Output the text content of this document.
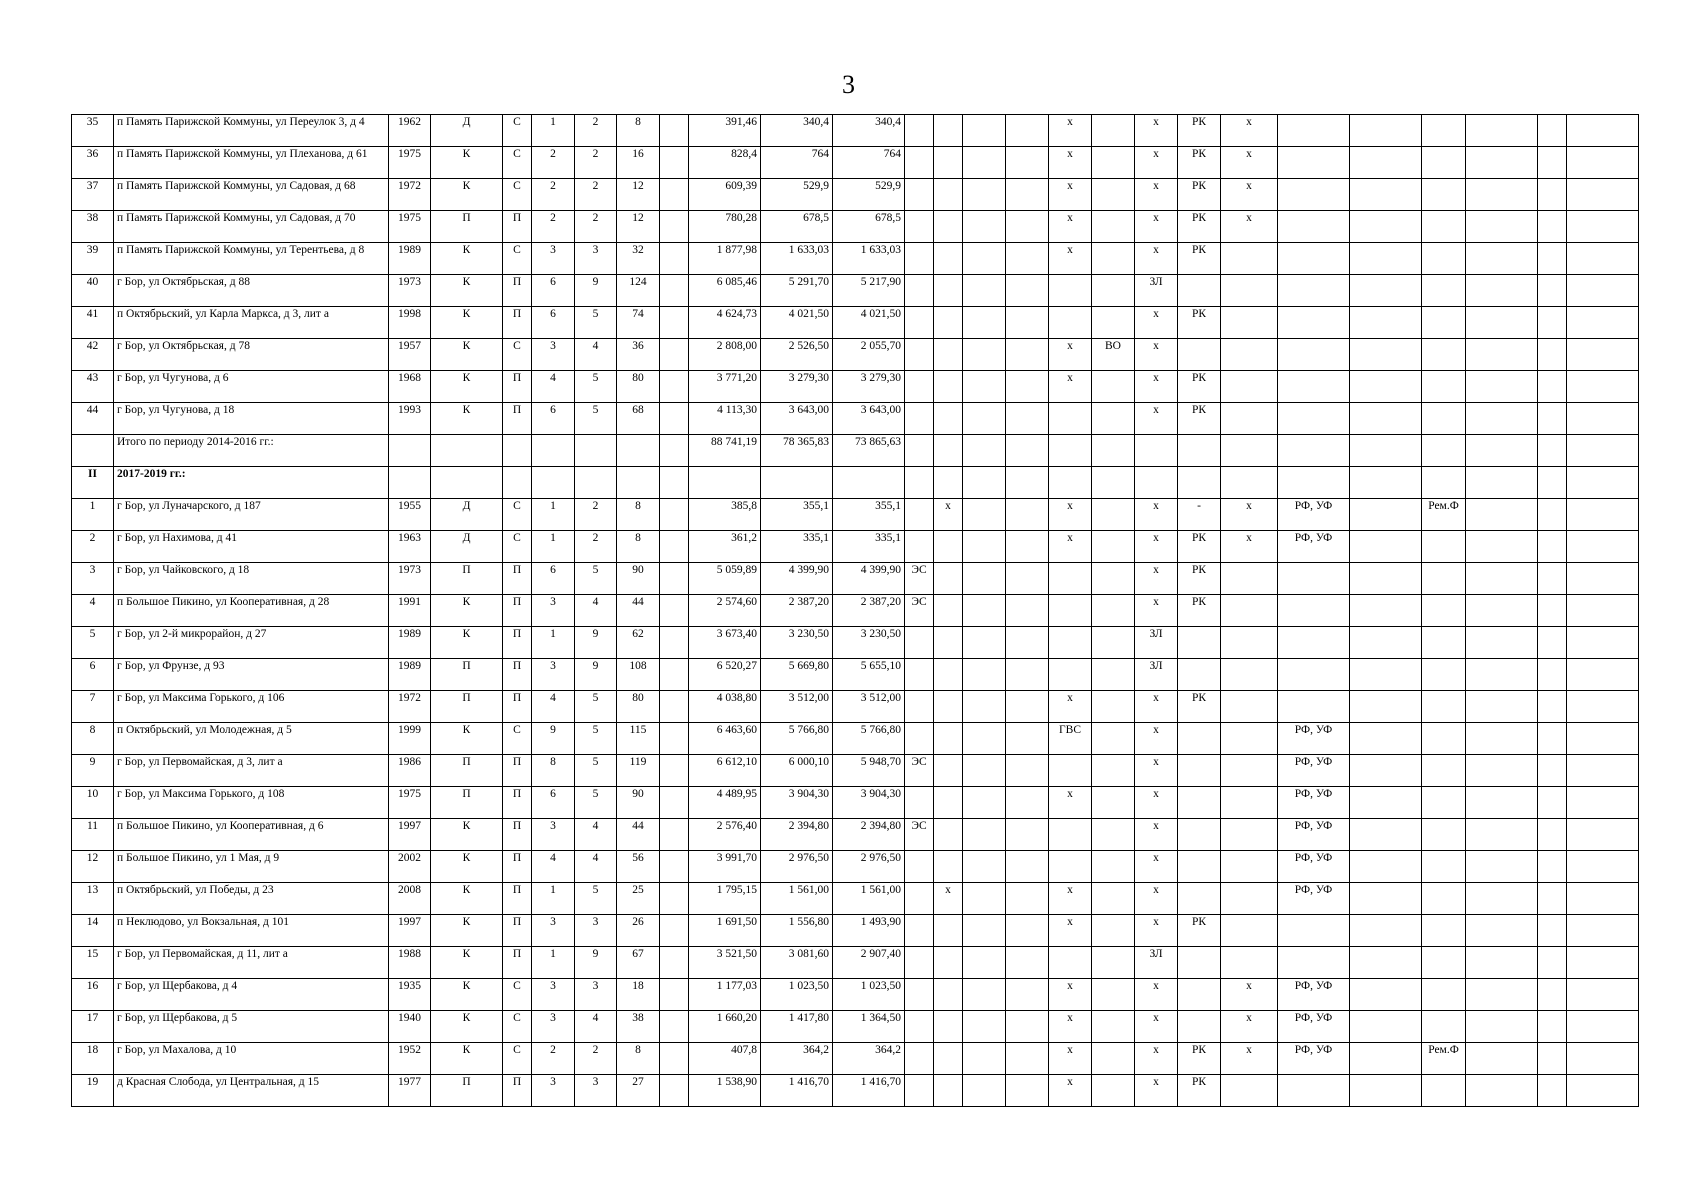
3
35	п Память Парижской Коммуны, ул Переулок 3, д 4	1962	Д	С	1	2	8		391,46	340,4	340,4					х		х	РК	х						
36	п Память Парижской Коммуны, ул Плеханова, д 61	1975	К	С	2	2	16		828,4	764	764					х		х	РК	х						
37	п Память Парижской Коммуны, ул Садовая, д 68	1972	К	С	2	2	12		609,39	529,9	529,9					х		х	РК	х						
38	п Память Парижской Коммуны, ул Садовая, д 70	1975	П	П	2	2	12		780,28	678,5	678,5					х		х	РК	х						
39	п Память Парижской Коммуны, ул Терентьева, д 8	1989	К	С	3	3	32		1 877,98	1 633,03	1 633,03					х		х	РК							
40	г Бор, ул Октябрьская, д 88	1973	К	П	6	9	124		6 085,46	5 291,70	5 217,90							ЗЛ								
41	п Октябрьский, ул Карла Маркса, д 3, лит а	1998	К	П	6	5	74		4 624,73	4 021,50	4 021,50							х	РК							
42	г Бор, ул Октябрьская, д 78	1957	К	С	3	4	36		2 808,00	2 526,50	2 055,70					х	ВО	х								
43	г Бор, ул Чугунова, д 6	1968	К	П	4	5	80		3 771,20	3 279,30	3 279,30					х		х	РК							
44	г Бор, ул Чугунова, д 18	1993	К	П	6	5	68		4 113,30	3 643,00	3 643,00							х	РК							
	Итого по периоду 2014-2016 гг.:								88 741,19	78 365,83	73 865,63															
II	2017-2019 гг.:																									
1	г Бор, ул Луначарского, д 187	1955	Д	С	1	2	8		385,8	355,1	355,1		х			х		х	-	х	РФ, УФ		Рем.Ф			
2	г Бор, ул Нахимова, д 41	1963	Д	С	1	2	8		361,2	335,1	335,1					х		х	РК	х	РФ, УФ					
3	г Бор, ул Чайковского, д 18	1973	П	П	6	5	90		5 059,89	4 399,90	4 399,90	ЭС						х	РК							
4	п Большое Пикино, ул Кооперативная, д 28	1991	К	П	3	4	44		2 574,60	2 387,20	2 387,20	ЭС						х	РК							
5	г Бор, ул 2-й микрорайон, д 27	1989	К	П	1	9	62		3 673,40	3 230,50	3 230,50							ЗЛ								
6	г Бор, ул Фрунзе, д 93	1989	П	П	3	9	108		6 520,27	5 669,80	5 655,10							ЗЛ								
7	г Бор, ул Максима Горького, д 106	1972	П	П	4	5	80		4 038,80	3 512,00	3 512,00					х		х	РК							
8	п Октябрьский, ул Молодежная, д 5	1999	К	С	9	5	115		6 463,60	5 766,80	5 766,80					ГВС		х			РФ, УФ					
9	г Бор, ул Первомайская, д 3, лит а	1986	П	П	8	5	119		6 612,10	6 000,10	5 948,70	ЭС						х			РФ, УФ					
10	г Бор, ул Максима Горького, д 108	1975	П	П	6	5	90		4 489,95	3 904,30	3 904,30					х		х			РФ, УФ					
11	п Большое Пикино, ул Кооперативная, д 6	1997	К	П	3	4	44		2 576,40	2 394,80	2 394,80	ЭС						х			РФ, УФ					
12	п Большое Пикино, ул 1 Мая, д 9	2002	К	П	4	4	56		3 991,70	2 976,50	2 976,50							х			РФ, УФ					
13	п Октябрьский, ул Победы, д 23	2008	К	П	1	5	25		1 795,15	1 561,00	1 561,00		х			х		х			РФ, УФ					
14	п Неклюдово, ул Вокзальная, д 101	1997	К	П	3	3	26		1 691,50	1 556,80	1 493,90					х		х	РК							
15	г Бор, ул Первомайская, д 11, лит а	1988	К	П	1	9	67		3 521,50	3 081,60	2 907,40							ЗЛ								
16	г Бор, ул Щербакова, д 4	1935	К	С	3	3	18		1 177,03	1 023,50	1 023,50					х		х		х	РФ, УФ					
17	г Бор, ул Щербакова, д 5	1940	К	С	3	4	38		1 660,20	1 417,80	1 364,50					х		х		х	РФ, УФ					
18	г Бор, ул Махалова, д 10	1952	К	С	2	2	8		407,8	364,2	364,2					х		х	РК	х	РФ, УФ		Рем.Ф			
19	д Красная Слобода, ул Центральная, д 15	1977	П	П	3	3	27		1 538,90	1 416,70	1 416,70					х		х	РК							
